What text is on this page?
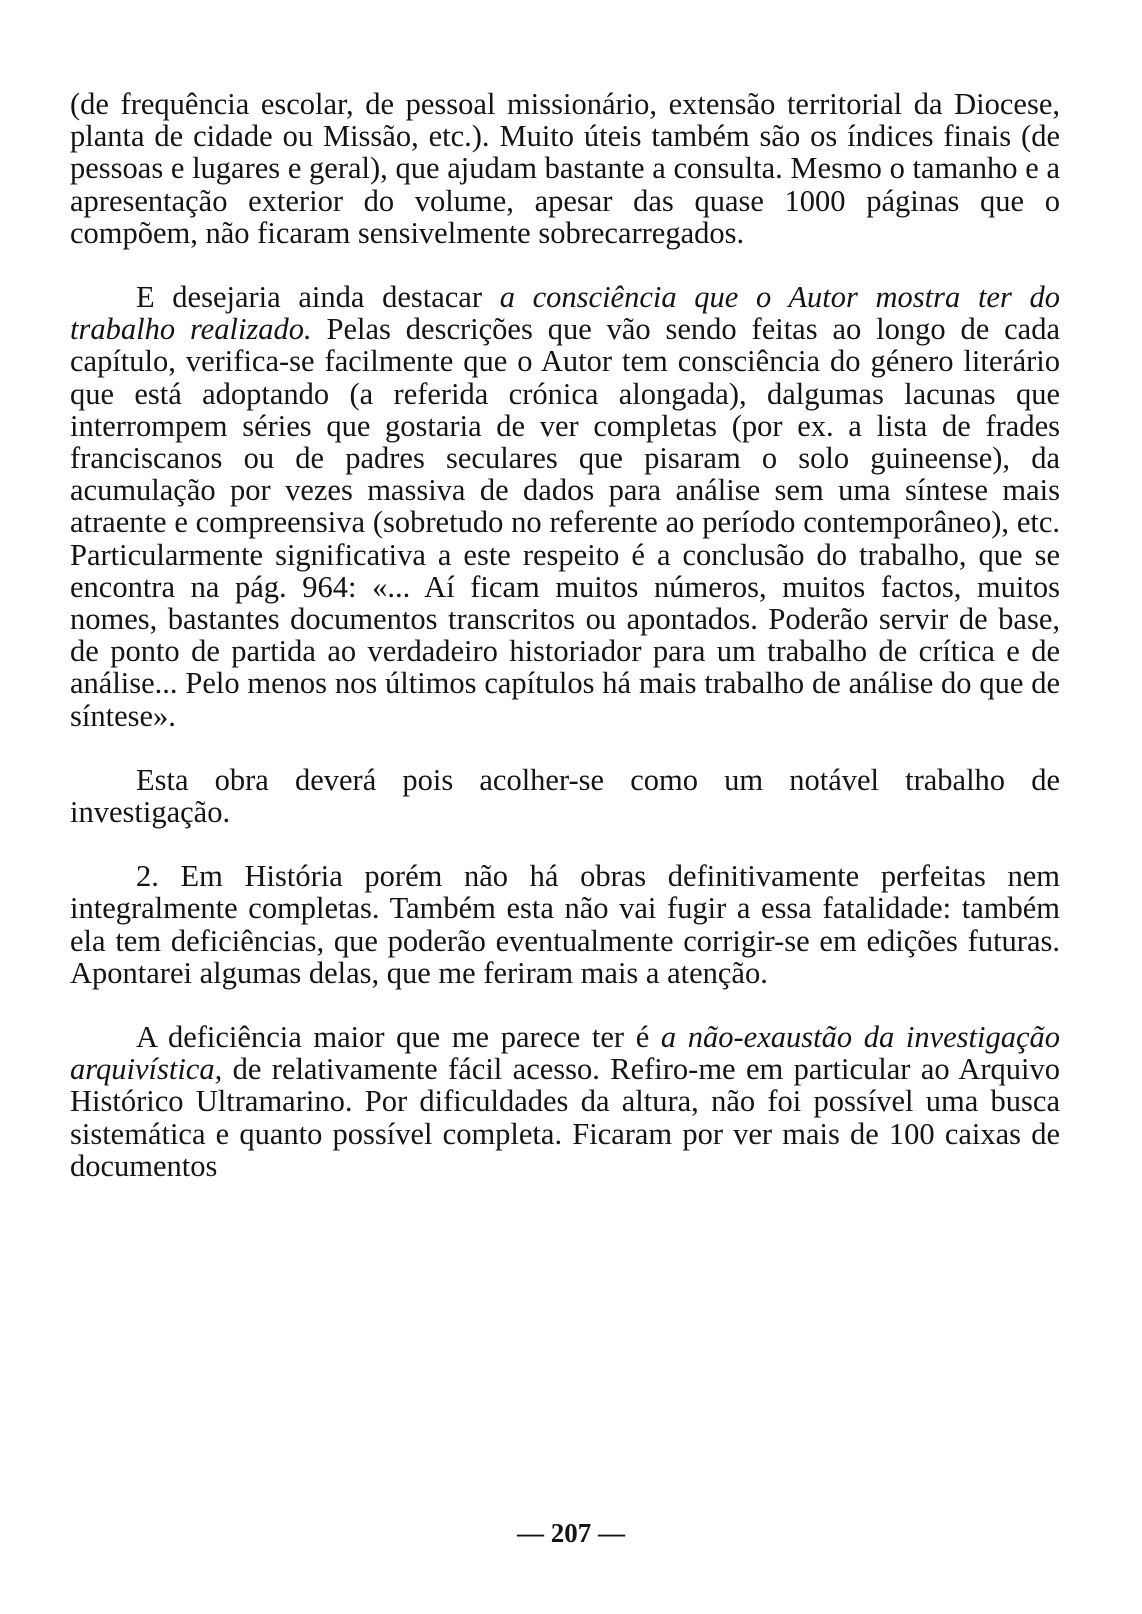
(de frequência escolar, de pessoal missionário, extensão territorial da Diocese, planta de cidade ou Missão, etc.). Muito úteis também são os índices finais (de pessoas e lugares e geral), que ajudam bastante a consulta. Mesmo o tamanho e a apresentação exterior do volume, apesar das quase 1000 páginas que o compõem, não ficaram sensivelmente sobrecarregados.

E desejaria ainda destacar a consciência que o Autor mostra ter do trabalho realizado. Pelas descrições que vão sendo feitas ao longo de cada capítulo, verifica-se facilmente que o Autor tem consciência do género literário que está adoptando (a referida crónica alongada), dalgumas lacunas que interrompem séries que gostaria de ver completas (por ex. a lista de frades franciscanos ou de padres seculares que pisaram o solo guineense), da acumulação por vezes massiva de dados para análise sem uma síntese mais atraente e compreensiva (sobretudo no referente ao período contemporâneo), etc. Particularmente significativa a este respeito é a conclusão do trabalho, que se encontra na pág. 964: «... Aí ficam muitos números, muitos factos, muitos nomes, bastantes documentos transcritos ou apontados. Poderão servir de base, de ponto de partida ao verdadeiro historiador para um trabalho de crítica e de análise... Pelo menos nos últimos capítulos há mais trabalho de análise do que de síntese».

Esta obra deverá pois acolher-se como um notável trabalho de investigação.

2. Em História porém não há obras definitivamente perfeitas nem integralmente completas. Também esta não vai fugir a essa fatalidade: também ela tem deficiências, que poderão eventualmente corrigir-se em edições futuras. Apontarei algumas delas, que me feriram mais a atenção.

A deficiência maior que me parece ter é a não-exaustão da investigação arquivística, de relativamente fácil acesso. Refiro-me em particular ao Arquivo Histórico Ultramarino. Por dificuldades da altura, não foi possível uma busca sistemática e quanto possível completa. Ficaram por ver mais de 100 caixas de documentos

— 207 —
